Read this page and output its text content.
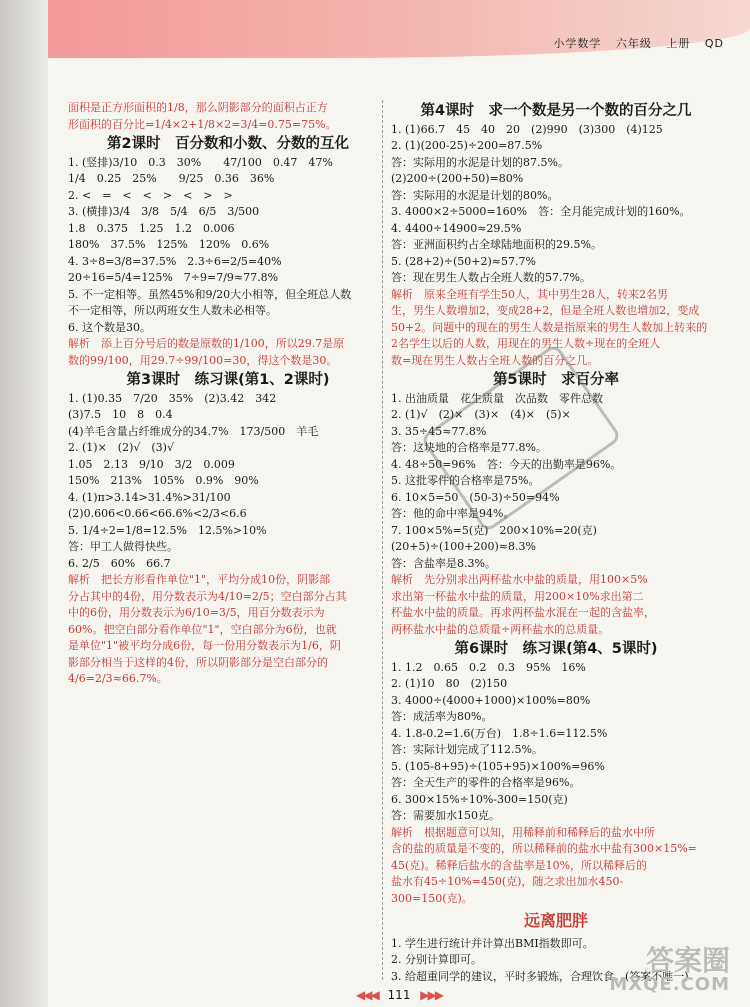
小学数学 六年级 上册 QD
面积是正方形面积的1/8，那么阴影部分的面积占正方
形面积的百分比=1/4×2+1/8×2=3/4=0.75=75%。
第2课时　百分数和小数、分数的互化
1. (竖排)3/10　0.3　30%　　47/100　0.47　47%
1/4　0.25　25%　　9/25　0.36　36%
2. <　=　<　<　>　<　>　>
3. (横排)3/4　3/8　5/4　6/5　3/500
1.8　0.375　1.25　1.2　0.006
180%　37.5%　125%　120%　0.6%
4. 3÷8=3/8=37.5%　2.3÷6=2/5=40%
20÷16=5/4=125%　7÷9=7/9≈77.8%
5. 不一定相等。虽然45%和9/20大小相等，但全班总人数
不一定相等，所以两班女生人数未必相等。
6. 这个数是30。
解析　添上百分号后的数是原数的1/100，所以29.7是原
数的99/100，用29.7÷99/100=30，得这个数是30。
第3课时　练习课(第1、2课时)
1. (1)0.35　7/20　35%　(2)3.42　342
(3)7.5　10　8　0.4
(4)羊毛含量占纤维成分的34.7%　173/500　羊毛
2. (1)×　(2)√　(3)√
1.05　2.13　9/10　3/2　0.009
150%　213%　105%　0.9%　90%
4. (1)π>3.14>31.4%>31/100
(2)0.606<0.66<66.6%<2/3<6.6
5. 1/4÷2=1/8=12.5%　12.5%>10%
答：甲工人做得快些。
6. 2/5　60%　66.7
解析　把长方形看作单位"1"，平均分成10份，阴影部
分占其中的4份，用分数表示为4/10=2/5；空白部分占其
中的6份，用分数表示为6/10=3/5，用百分数表示为
60%。把空白部分看作单位"1"，空白部分为6份，也就
是单位"1"被平均分成6份，每一份用分数表示为1/6，阴
影部分相当于这样的4份，所以阴影部分是空白部分的
4/6=2/3≈66.7%。
第4课时　求一个数是另一个数的百分之几
1. (1)66.7　45　40　20　(2)990　(3)300　(4)125
2. (1)(200-25)÷200=87.5%
答：实际用的水泥是计划的87.5%。
(2)200÷(200+50)=80%
答：实际用的水泥是计划的80%。
3. 4000×2÷5000=160%　答：全月能完成计划的160%。
4. 4400÷14900≈29.5%
答：亚洲面积约占全球陆地面积的29.5%。
5. (28+2)÷(50+2)≈57.7%
答：现在男生人数占全班人数的57.7%。
解析　原来全班有学生50人，其中男生28人，转来2名男
生，男生人数增加2，变成28+2，但是全班人数也增加2，变成
50+2。问题中的现在的男生人数是指原来的男生人数加上转来的
2名学生以后的人数，用现在的男生人数÷现在的全班人
数=现在男生人数占全班人数的百分之几。
第5课时　求百分率
1. 出油质量　花生质量　次品数　零件总数
2. (1)√　(2)×　(3)×　(4)×　(5)×
3. 35÷45≈77.8%
答：这块地的合格率是77.8%。
4. 48÷50=96%　答：今天的出勤率是96%。
5. 这批零件的合格率是75%。
6. 10×5=50　(50-3)÷50=94%
答：他的命中率是94%。
7. 100×5%=5(克)　200×10%=20(克)
(20+5)÷(100+200)≈8.3%
答：含盐率是8.3%。
解析　先分别求出两杯盐水中盐的质量，用100×5%
求出第一杯盐水中盐的质量，用200×10%求出第二
杯盐水中盐的质量。再求两杯盐水混在一起的含盐率，
两杯盐水中盐的总质量÷两杯盐水的总质量。
第6课时　练习课(第4、5课时)
1. 1.2　0.65　0.2　0.3　95%　16%
2. (1)10　80　(2)150
3. 4000÷(4000+1000)×100%=80%
答：成活率为80%。
4. 1.8-0.2=1.6(万台)　1.8÷1.6=112.5%
答：实际计划完成了112.5%。
5. (105-8+95)÷(105+95)×100%=96%
答：全天生产的零件的合格率是96%。
6. 300×15%÷10%-300=150(克)
答：需要加水150克。
解析　根据题意可以知，用稀释前和稀释后的盐水中所
含的盐的质量是不变的，所以稀释前的盐水中盐有300×15%=
45(克)。稀释后盐水的含盐率是10%，所以稀释后的
盐水有45÷10%=450(克)，随之求出加水450-
300=150(克)。
远离肥胖
1. 学生进行统计并计算出BMI指数即可。
2. 分别计算即可。
3. 给超重同学的建议，平时多锻炼，合理饮食。(答案不唯一)

◀◀◀ 111 ▶▶▶
答案圈
MXQE.COM
